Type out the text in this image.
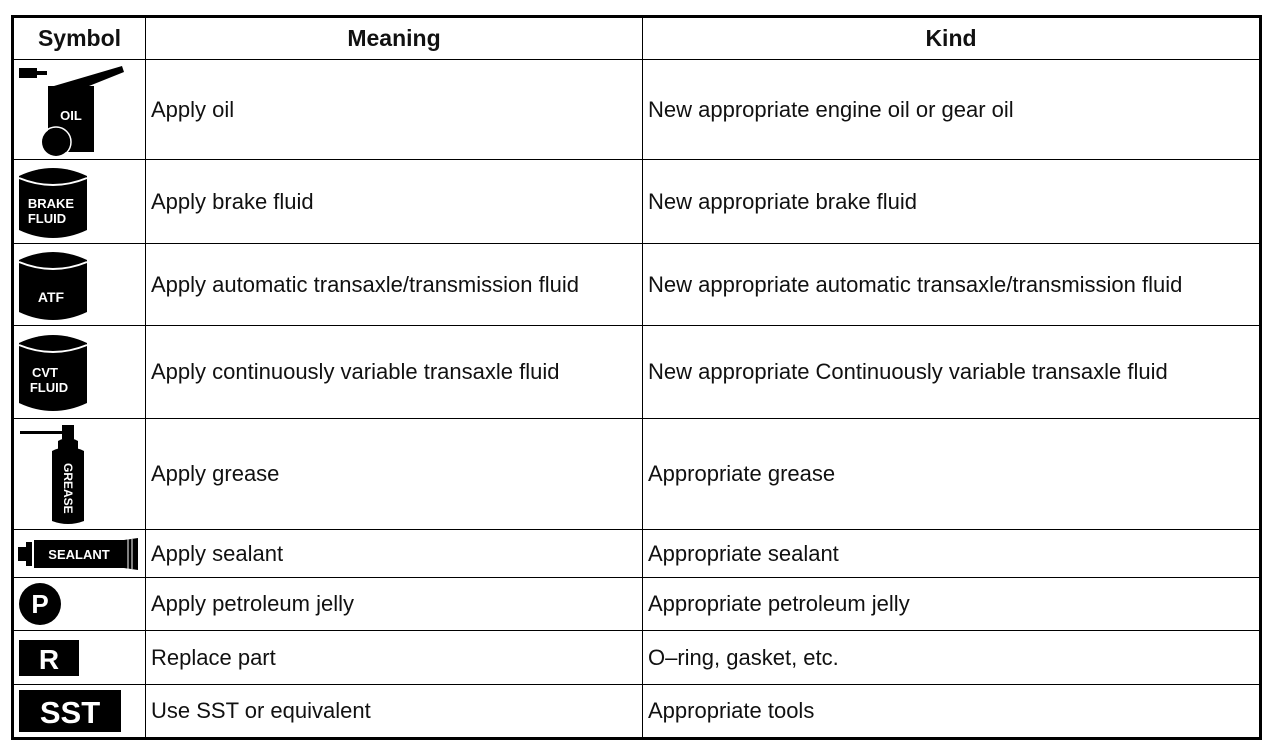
Symbol	Meaning	Kind

OIL	Apply oil	New appropriate engine oil or gear oil

BRAKE
FLUID	Apply brake fluid	New appropriate brake fluid

ATF	Apply automatic transaxle/transmission fluid	New appropriate automatic transaxle/transmission fluid

CVT
FLUID	Apply continuously variable transaxle fluid	New appropriate Continuously variable transaxle fluid

GREASE	Apply grease	Appropriate grease

SEALANT	Apply sealant	Appropriate sealant

P	Apply petroleum jelly	Appropriate petroleum jelly

R	Replace part	O–ring, gasket, etc.

SST	Use SST or equivalent	Appropriate tools
